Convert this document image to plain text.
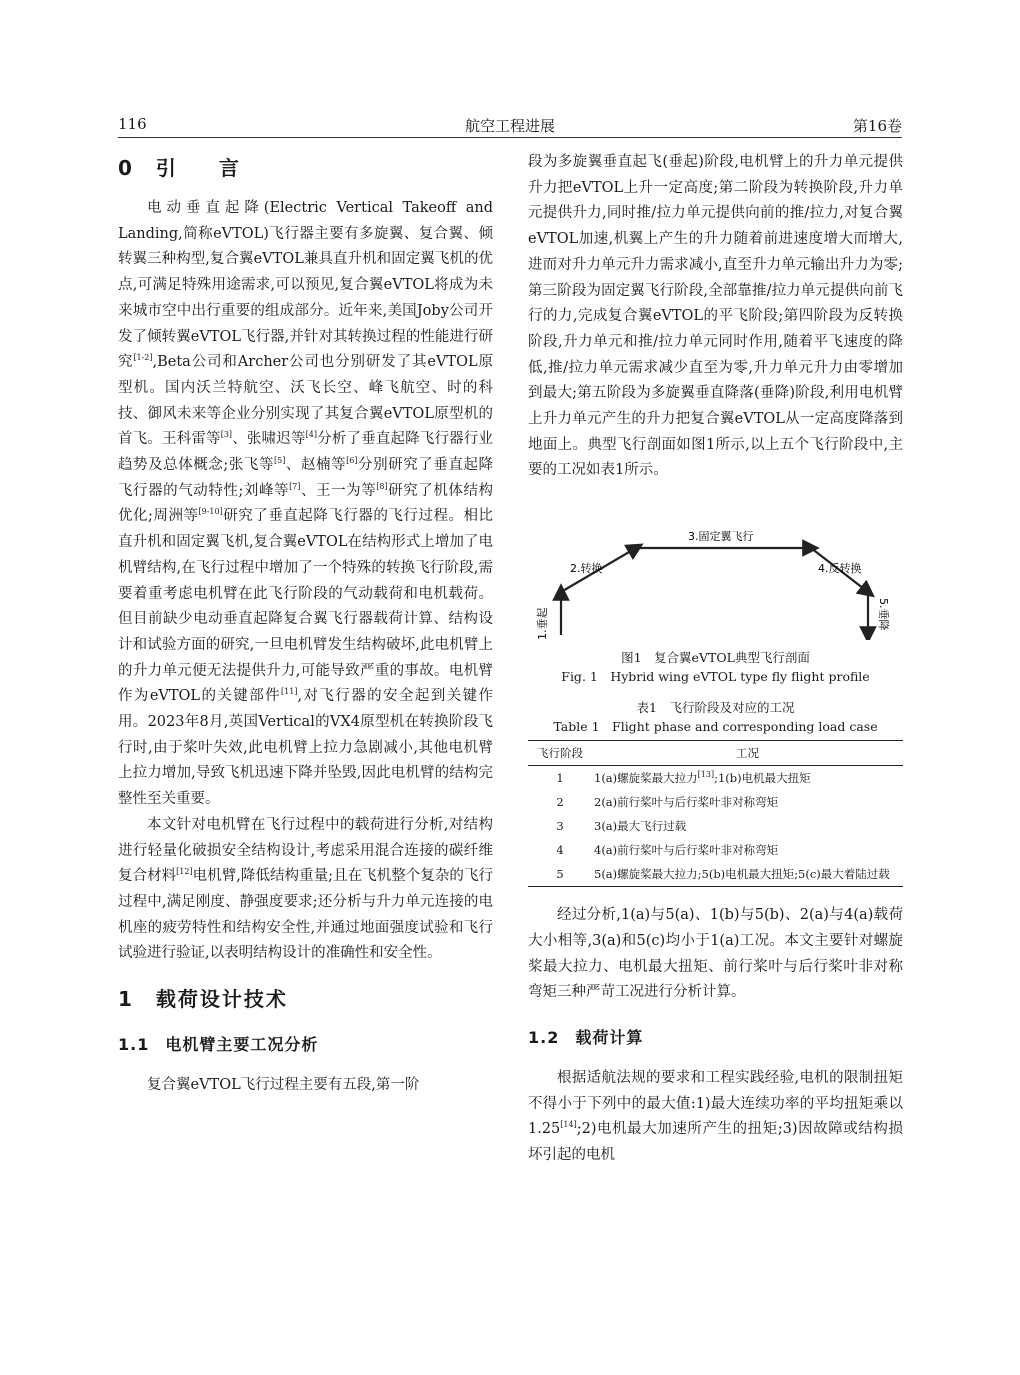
116	航空工程进展	第16卷
0 引 言

电动垂直起降(Electric Vertical Takeoff and Landing,简称eVTOL)飞行器主要有多旋翼、复合翼、倾转翼三种构型,复合翼eVTOL兼具直升机和固定翼飞机的优点,可满足特殊用途需求,可以预见,复合翼eVTOL将成为未来城市空中出行重要的组成部分。近年来,美国Joby公司开发了倾转翼eVTOL飞行器,并针对其转换过程的性能进行研究[1-2],Beta公司和Archer公司也分别研发了其eVTOL原型机。国内沃兰特航空、沃飞长空、峰飞航空、时的科技、御风未来等企业分别实现了其复合翼eVTOL原型机的首飞。王科雷等[3]、张啸迟等[4]分析了垂直起降飞行器行业趋势及总体概念;张飞等[5]、赵楠等[6]分别研究了垂直起降飞行器的气动特性;刘峰等[7]、王一为等[8]研究了机体结构优化;周洲等[9-10]研究了垂直起降飞行器的飞行过程。相比直升机和固定翼飞机,复合翼eVTOL在结构形式上增加了电机臂结构,在飞行过程中增加了一个特殊的转换飞行阶段,需要着重考虑电机臂在此飞行阶段的气动载荷和电机载荷。但目前缺少电动垂直起降复合翼飞行器载荷计算、结构设计和试验方面的研究,一旦电机臂发生结构破坏,此电机臂上的升力单元便无法提供升力,可能导致严重的事故。电机臂作为eVTOL的关键部件[11],对飞行器的安全起到关键作用。2023年8月,英国Vertical的VX4原型机在转换阶段飞行时,由于桨叶失效,此电机臂上拉力急剧减小,其他电机臂上拉力增加,导致飞机迅速下降并坠毁,因此电机臂的结构完整性至关重要。

本文针对电机臂在飞行过程中的载荷进行分析,对结构进行轻量化破损安全结构设计,考虑采用混合连接的碳纤维复合材料[12]电机臂,降低结构重量;且在飞机整个复杂的飞行过程中,满足刚度、静强度要求;还分析与升力单元连接的电机座的疲劳特性和结构安全性,并通过地面强度试验和飞行试验进行验证,以表明结构设计的准确性和安全性。

1 载荷设计技术
1.1 电机臂主要工况分析

复合翼eVTOL飞行过程主要有五段,第一阶

段为多旋翼垂直起飞(垂起)阶段,电机臂上的升力单元提供升力把eVTOL上升一定高度;第二阶段为转换阶段,升力单元提供升力,同时推/拉力单元提供向前的推/拉力,对复合翼eVTOL加速,机翼上产生的升力随着前进速度增大而增大,进而对升力单元升力需求减小,直至升力单元输出升力为零;第三阶段为固定翼飞行阶段,全部靠推/拉力单元提供向前飞行的力,完成复合翼eVTOL的平飞阶段;第四阶段为反转换阶段,升力单元和推/拉力单元同时作用,随着平飞速度的降低,推/拉力单元需求减少直至为零,升力单元升力由零增加到最大;第五阶段为多旋翼垂直降落(垂降)阶段,利用电机臂上升力单元产生的升力把复合翼eVTOL从一定高度降落到地面上。典型飞行剖面如图1所示,以上五个飞行阶段中,主要的工况如表1所示。

1.垂起
2.转换
3.固定翼飞行
4.反转换
5.垂降
图1　复合翼eVTOL典型飞行剖面
Fig. 1　Hybrid wing eVTOL type fly flight profile
表1　飞行阶段及对应的工况
Table 1　Flight phase and corresponding load case
飞行阶段	工况
1	1(a)螺旋桨最大拉力[13];1(b)电机最大扭矩
2	2(a)前行桨叶与后行桨叶非对称弯矩
3	3(a)最大飞行过载
4	4(a)前行桨叶与后行桨叶非对称弯矩
5	5(a)螺旋桨最大拉力;5(b)电机最大扭矩;5(c)最大着陆过载

经过分析,1(a)与5(a)、1(b)与5(b)、2(a)与4(a)载荷大小相等,3(a)和5(c)均小于1(a)工况。本文主要针对螺旋桨最大拉力、电机最大扭矩、前行桨叶与后行桨叶非对称弯矩三种严苛工况进行分析计算。

1.2 载荷计算

根据适航法规的要求和工程实践经验,电机的限制扭矩不得小于下列中的最大值:1)最大连续功率的平均扭矩乘以1.25[14];2)电机最大加速所产生的扭矩;3)因故障或结构损坏引起的电机
